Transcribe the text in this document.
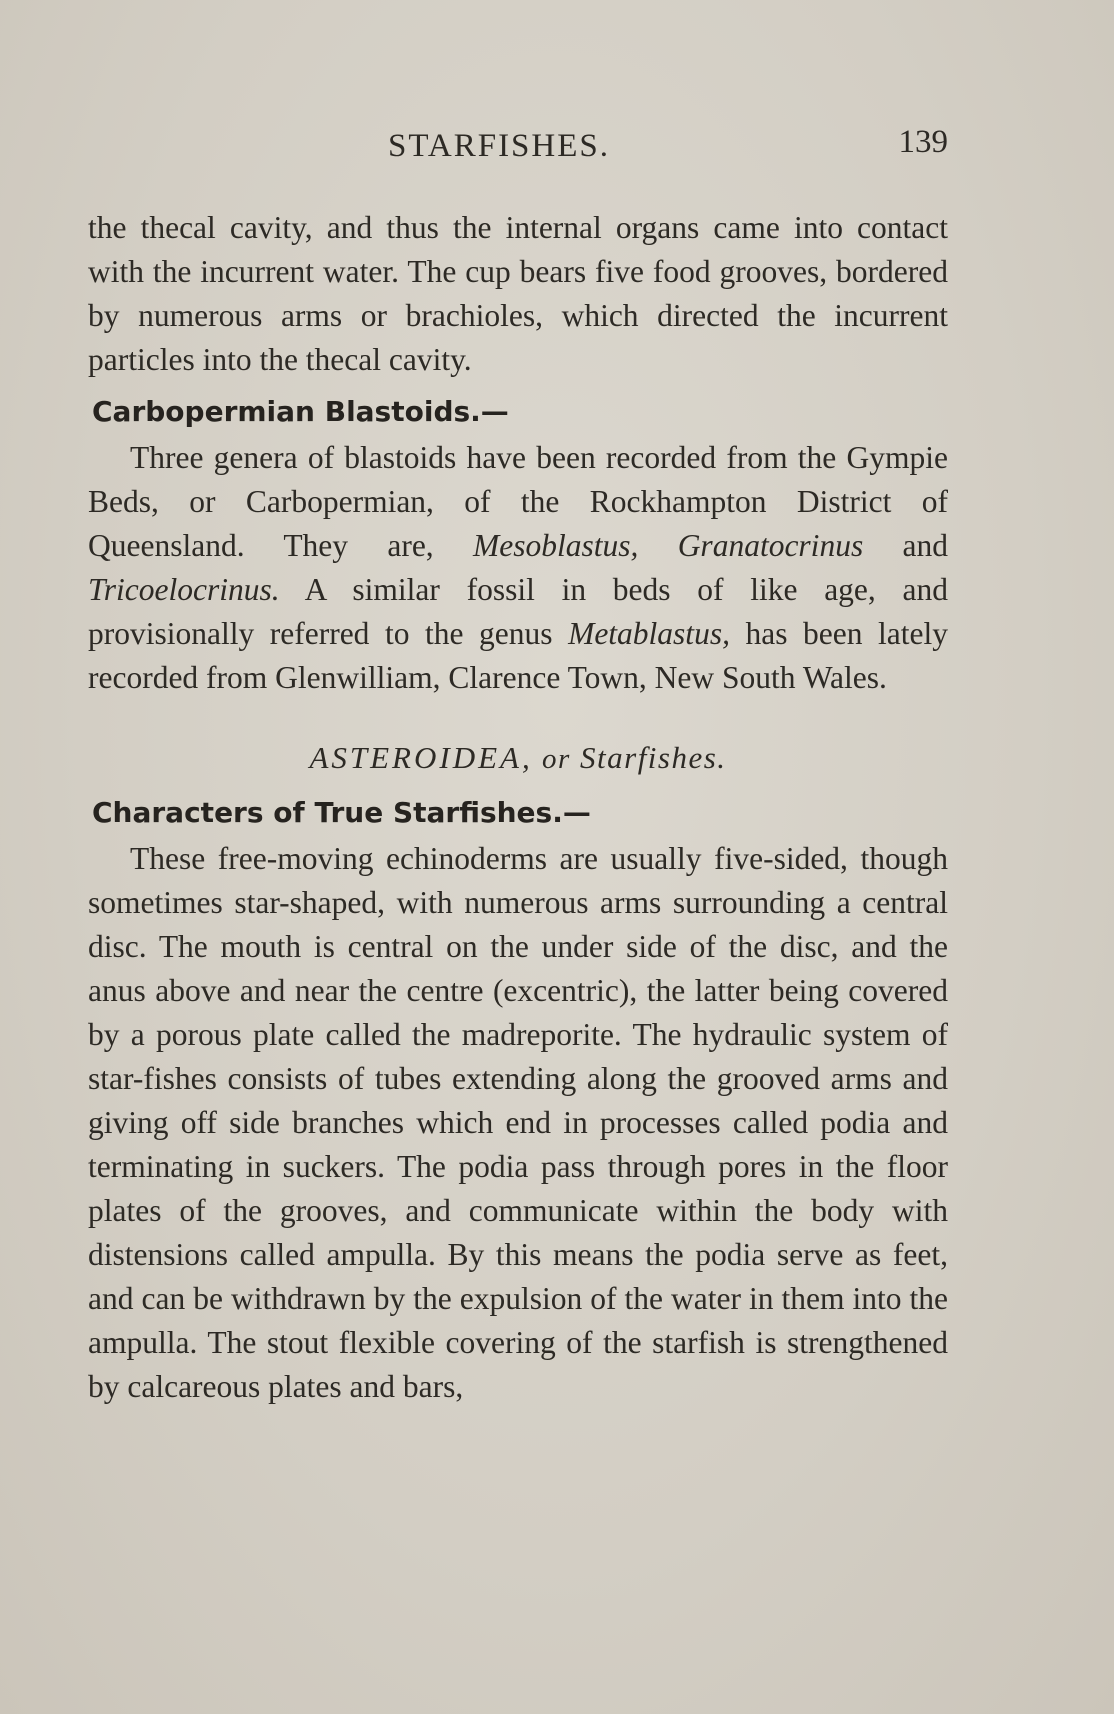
STARFISHES.	139

the thecal cavity, and thus the internal organs came into contact with the incurrent water. The cup bears five food grooves, bordered by numerous arms or brachioles, which directed the incurrent particles into the thecal cavity.

Carbopermian Blastoids.—

Three genera of blastoids have been recorded from the Gympie Beds, or Carbopermian, of the Rockhampton District of Queensland. They are, Mesoblastus, Granatocrinus and Tricoelocrinus. A similar fossil in beds of like age, and provisionally referred to the genus Metablastus, has been lately recorded from Glenwilliam, Clarence Town, New South Wales.

ASTEROIDEA, or Starfishes.
Characters of True Starfishes.—

These free-moving echinoderms are usually five-sided, though sometimes star-shaped, with numerous arms surrounding a central disc. The mouth is central on the under side of the disc, and the anus above and near the centre (excentric), the latter being covered by a porous plate called the madreporite. The hydraulic system of star-fishes consists of tubes extending along the grooved arms and giving off side branches which end in processes called podia and terminating in suckers. The podia pass through pores in the floor plates of the grooves, and communicate within the body with distensions called ampulla. By this means the podia serve as feet, and can be withdrawn by the expulsion of the water in them into the ampulla. The stout flexible covering of the starfish is strengthened by calcareous plates and bars,
